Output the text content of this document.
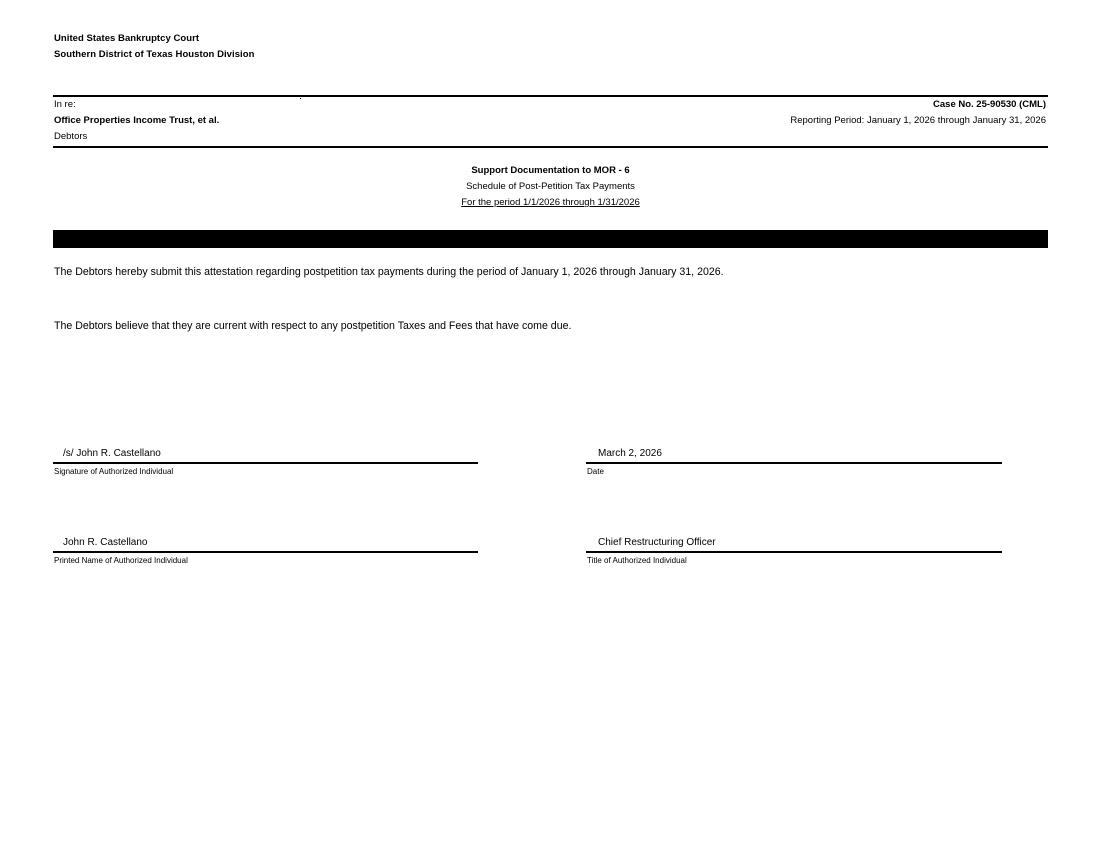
United States Bankruptcy Court
Southern District of Texas Houston Division
In re:
Office Properties Income Trust, et al.
Debtors
Case No. 25-90530 (CML)
Reporting Period: January 1, 2026 through January 31, 2026
Support Documentation to MOR - 6
Schedule of Post-Petition Tax Payments
For the period 1/1/2026 through 1/31/2026
The Debtors hereby submit this attestation regarding postpetition tax payments during the period of January 1, 2026 through January 31, 2026.
The Debtors believe that they are current with respect to any postpetition Taxes and Fees that have come due.
/s/ John R. Castellano
Signature of Authorized Individual
March 2, 2026
Date
John R. Castellano
Printed Name of Authorized Individual
Chief Restructuring Officer
Title of Authorized Individual
